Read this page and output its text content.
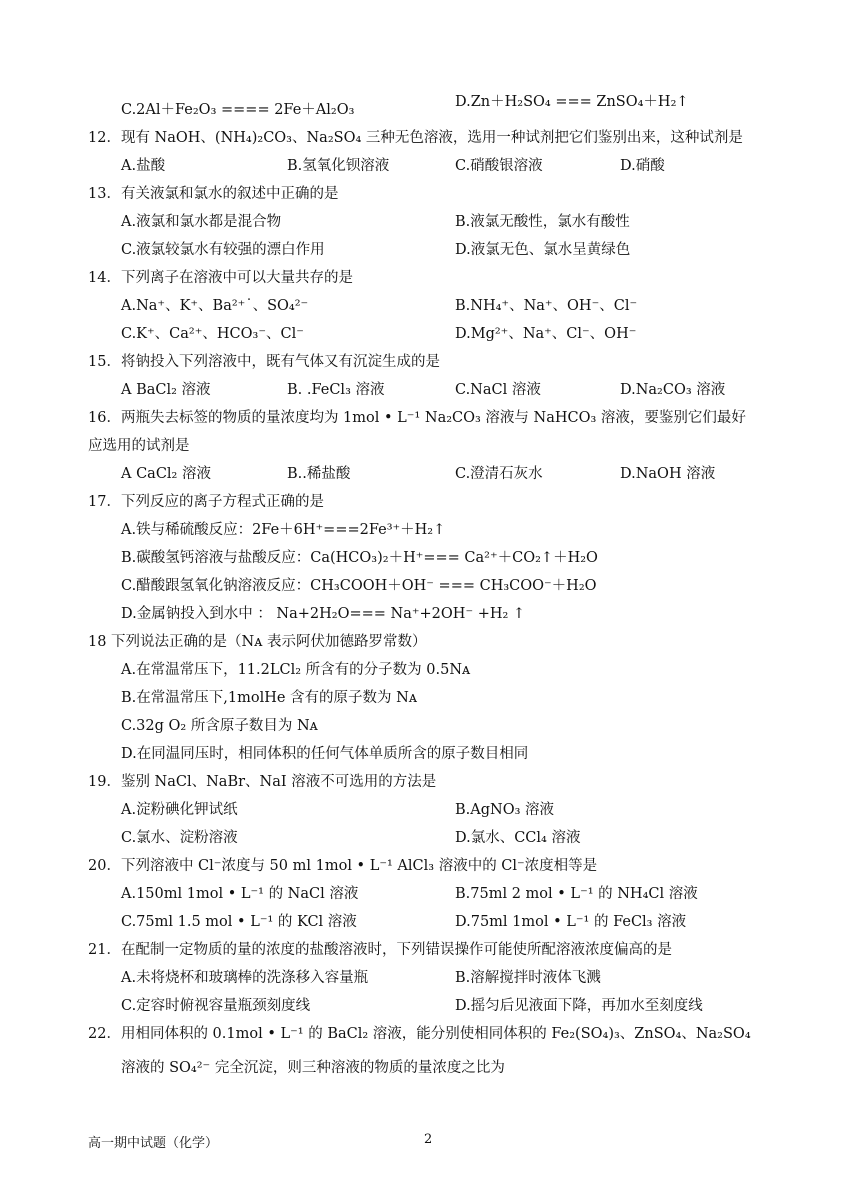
C.2Al＋Fe₂O₃ ==== 2Fe＋Al₂O₃	D.Zn＋H₂SO₄ === ZnSO₄＋H₂↑
12．现有 NaOH、(NH₄)₂CO₃、Na₂SO₄ 三种无色溶液，选用一种试剂把它们鉴别出来，这种试剂是
A.盐酸	B.氢氧化钡溶液	C.硝酸银溶液	D.硝酸
13．有关液氯和氯水的叙述中正确的是
A.液氯和氯水都是混合物	B.液氯无酸性，氯水有酸性
C.液氯较氯水有较强的漂白作用	D.液氯无色、氯水呈黄绿色
14．下列离子在溶液中可以大量共存的是
A.Na⁺、K⁺、Ba²⁺˙、SO₄²⁻	B.NH₄⁺、Na⁺、OH⁻、Cl⁻
C.K⁺、Ca²⁺、HCO₃⁻、Cl⁻	D.Mg²⁺、Na⁺、Cl⁻、OH⁻
15．将钠投入下列溶液中，既有气体又有沉淀生成的是
A BaCl₂ 溶液	B. .FeCl₃ 溶液	C.NaCl 溶液	D.Na₂CO₃ 溶液
16．两瓶失去标签的物质的量浓度均为 1mol • L⁻¹ Na₂CO₃ 溶液与 NaHCO₃ 溶液，要鉴别它们最好
应选用的试剂是
A CaCl₂ 溶液	B..稀盐酸	C.澄清石灰水	D.NaOH 溶液
17．下列反应的离子方程式正确的是
A.铁与稀硫酸反应：2Fe＋6H⁺===2Fe³⁺＋H₂↑
B.碳酸氢钙溶液与盐酸反应：Ca(HCO₃)₂＋H⁺=== Ca²⁺＋CO₂↑＋H₂O
C.醋酸跟氢氧化钠溶液反应：CH₃COOH＋OH⁻ === CH₃COO⁻＋H₂O
D.金属钠投入到水中 ： Na+2H₂O=== Na⁺+2OH⁻ +H₂ ↑
18 下列说法正确的是（Nᴀ 表示阿伏加德路罗常数）
A.在常温常压下，11.2LCl₂ 所含有的分子数为 0.5Nᴀ
B.在常温常压下,1molHe 含有的原子数为 Nᴀ
C.32g O₂ 所含原子数目为 Nᴀ
D.在同温同压时，相同体积的任何气体单质所含的原子数目相同
19．鉴别 NaCl、NaBr、NaI 溶液不可选用的方法是
A.淀粉碘化钾试纸	B.AgNO₃ 溶液
C.氯水、淀粉溶液	D.氯水、CCl₄ 溶液
20．下列溶液中 Cl⁻浓度与 50 ml 1mol • L⁻¹ AlCl₃ 溶液中的 Cl⁻浓度相等是
A.150ml 1mol • L⁻¹ 的 NaCl 溶液	B.75ml 2 mol • L⁻¹ 的 NH₄Cl 溶液
C.75ml 1.5 mol • L⁻¹ 的 KCl 溶液	D.75ml 1mol • L⁻¹ 的 FeCl₃ 溶液
21．在配制一定物质的量的浓度的盐酸溶液时，下列错误操作可能使所配溶液浓度偏高的是
A.未将烧杯和玻璃棒的洗涤移入容量瓶	B.溶解搅拌时液体飞溅
C.定容时俯视容量瓶颈刻度线	D.摇匀后见液面下降，再加水至刻度线
22．用相同体积的 0.1mol • L⁻¹ 的 BaCl₂ 溶液，能分别使相同体积的 Fe₂(SO₄)₃、ZnSO₄、Na₂SO₄
溶液的 SO₄²⁻ 完全沉淀，则三种溶液的物质的量浓度之比为
高一期中试题（化学）	2
